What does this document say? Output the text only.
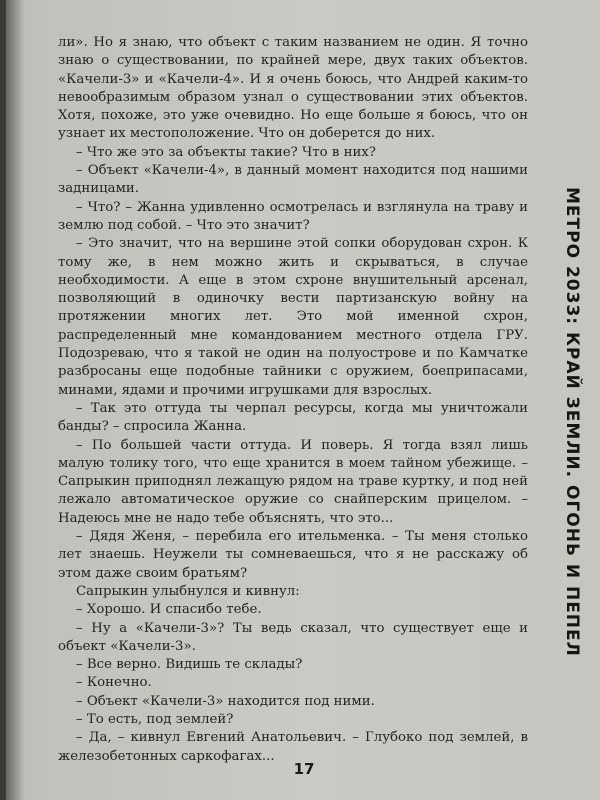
ли». Но я знаю, что объект с таким названием не один. Я точно знаю о существовании, по крайней мере, двух таких объектов. «Качели-3» и «Качели-4». И я очень боюсь, что Андрей каким-то невообразимым образом узнал о существовании этих объектов. Хотя, похоже, это уже очевидно. Но еще больше я боюсь, что он узнает их местоположение. Что он доберется до них.

– Что же это за объекты такие? Что в них?

– Объект «Качели-4», в данный момент находится под нашими задницами.

– Что? – Жанна удивленно осмотрелась и взглянула на траву и землю под собой. – Что это значит?

– Это значит, что на вершине этой сопки оборудован схрон. К тому же, в нем можно жить и скрываться, в случае необходимости. А еще в этом схроне внушительный арсенал, позволяющий в одиночку вести партизанскую войну на протяжении многих лет. Это мой именной схрон, распределенный мне командованием местного отдела ГРУ. Подозреваю, что я такой не один на полуострове и по Камчатке разбросаны еще подобные тайники с оружием, боеприпасами, минами, ядами и прочими игрушками для взрослых.

– Так это оттуда ты черпал ресурсы, когда мы уничтожали банды? – спросила Жанна.

– По большей части оттуда. И поверь. Я тогда взял лишь малую толику того, что еще хранится в моем тайном убежище. – Сапрыкин приподнял лежащую рядом на траве куртку, и под ней лежало автоматическое оружие со снайперским прицелом. – Надеюсь мне не надо тебе объяснять, что это...

– Дядя Женя, – перебила его ительменка. – Ты меня столько лет знаешь. Неужели ты сомневаешься, что я не расскажу об этом даже своим братьям?

Сапрыкин улыбнулся и кивнул:

– Хорошо. И спасибо тебе.

– Ну а «Качели-3»? Ты ведь сказал, что существует еще и объект «Качели-3».

– Все верно. Видишь те склады?

– Конечно.

– Объект «Качели-3» находится под ними.

– То есть, под землей?

– Да, – кивнул Евгений Анатольевич. – Глубоко под землей, в железобетонных саркофагах...

МЕТРО 2033: КРАЙ ЗЕМЛИ. ОГОНЬ И ПЕПЕЛ
17
